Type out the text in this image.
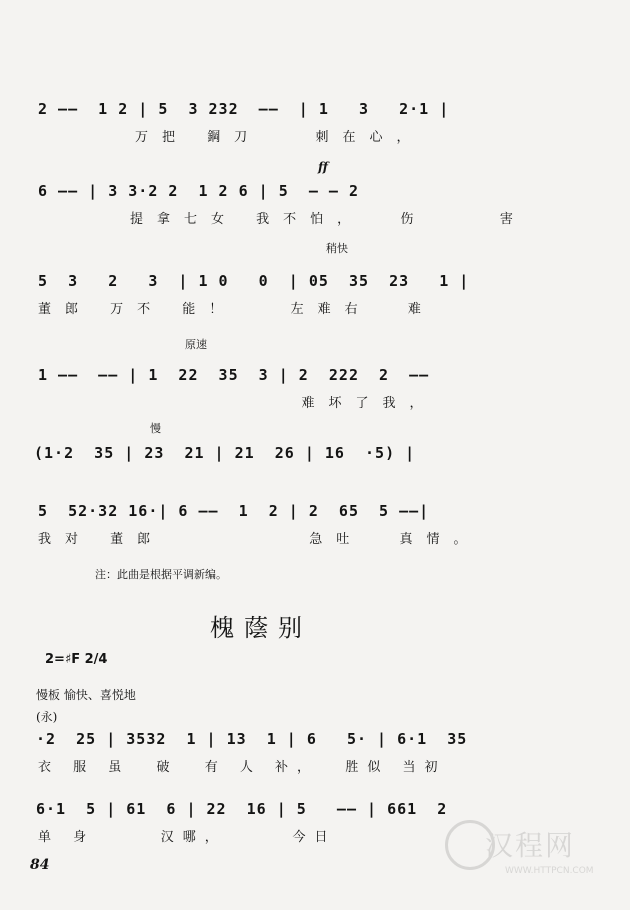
2 ——  1 2 | 5  3 232  ——  | 1   3   2·1 |
万把 鋼刀   刺在心，
ff
6 —— | 3 3·2 2  1 2 6 | 5  — — 2
提拿七女 我不怕，  伤    害
稍快
5  3   2   3  | 1 0   0  | 05  35  23   1 |
董郎 万不 能！   左难右  难
原速
1 ——  —— | 1  22  35  3 | 2  222  2  ——
难坏了我，
慢
(1·2  35 | 23  21 | 21  26 | 16  ·5) |
5  52·32 16·| 6 ——  1  2 | 2  65  5 ——|
我对 董郎        急吐  真情。
注：此曲是根据平调新编。
槐蔭别
2=♯F 2/4
慢板 愉快、喜悦地
(永)
·2  25 | 3532  1 | 13  1 | 6   5· | 6·1  35
衣 服 虽  破  有 人 补，  胜似 当初
6·1  5 | 61  6 | 22  16 | 5   —— | 661  2
单 身     汉哪，     今日
84
汉程网
WWW.HTTPCN.COM
